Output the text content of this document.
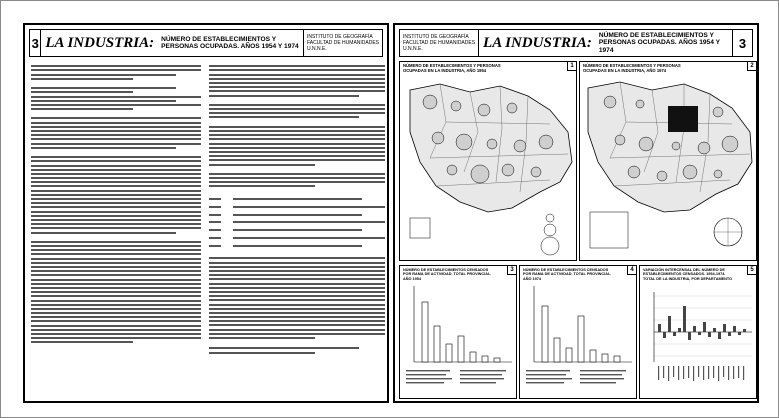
3 LA INDUSTRIA:	NÚMERO DE ESTABLECIMIENTOS Y PERSONAS OCUPADAS. AÑOS 1954 Y 1974
INSTITUTO DE GEOGRAFÍA
FACULTAD DE HUMANIDADES
U.N.N.E.
INSTITUTO DE GEOGRAFÍA
FACULTAD DE HUMANIDADES
U.N.N.E.	LA INDUSTRIA:	NÚMERO DE ESTABLECIMIENTOS Y PERSONAS OCUPADAS. AÑOS 1954 Y 1974	3
NÚMERO DE ESTABLECIMIENTOS Y PERSONAS OCUPADAS EN LA INDUSTRIA, AÑO 1954
1	NÚMERO DE ESTABLECIMIENTOS Y PERSONAS OCUPADAS EN LA INDUSTRIA, AÑO 1974
2
NÚMERO DE ESTABLECIMIENTOS CENSADOS POR RAMA DE ACTIVIDAD. TOTAL PROVINCIAL. AÑO 1954
3	NÚMERO DE ESTABLECIMIENTOS CENSADOS POR RAMA DE ACTIVIDAD. TOTAL PROVINCIAL. AÑO 1974
4	VARIACIÓN INTERCENSAL DEL NÚMERO DE ESTABLECIMIENTOS CENSADOS. 1954-1974. TOTAL DE LA INDUSTRIA, POR DEPARTAMENTO
5
